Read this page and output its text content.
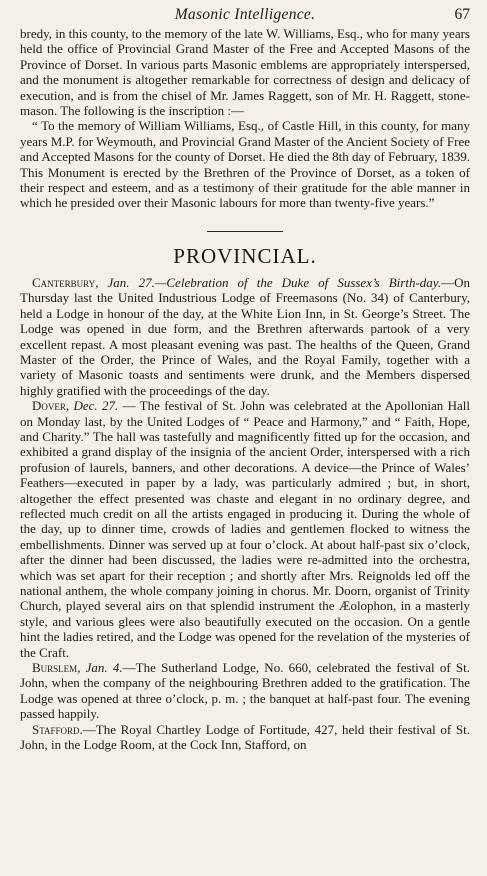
Masonic Intelligence.	67

bredy, in this county, to the memory of the late W. Williams, Esq., who for many years held the office of Provincial Grand Master of the Free and Accepted Masons of the Province of Dorset. In various parts Masonic emblems are appropriately interspersed, and the monument is altogether remarkable for correctness of design and delicacy of execution, and is from the chisel of Mr. James Raggett, son of Mr. H. Raggett, stone-mason. The following is the inscription :—

“ To the memory of William Williams, Esq., of Castle Hill, in this county, for many years M.P. for Weymouth, and Provincial Grand Master of the Ancient Society of Free and Accepted Masons for the county of Dorset. He died the 8th day of February, 1839. This Monument is erected by the Brethren of the Province of Dorset, as a token of their respect and esteem, and as a testimony of their gratitude for the able manner in which he presided over their Masonic labours for more than twenty-five years.”

PROVINCIAL.

Canterbury, Jan. 27.—Celebration of the Duke of Sussex’s Birth-day.—On Thursday last the United Industrious Lodge of Freemasons (No. 34) of Canterbury, held a Lodge in honour of the day, at the White Lion Inn, in St. George’s Street. The Lodge was opened in due form, and the Brethren afterwards partook of a very excellent repast. A most pleasant evening was past. The healths of the Queen, Grand Master of the Order, the Prince of Wales, and the Royal Family, together with a variety of Masonic toasts and sentiments were drunk, and the Members dispersed highly gratified with the proceedings of the day.

Dover, Dec. 27. — The festival of St. John was celebrated at the Apollonian Hall on Monday last, by the United Lodges of “ Peace and Harmony,” and “ Faith, Hope, and Charity.” The hall was tastefully and magnificently fitted up for the occasion, and exhibited a grand display of the insignia of the ancient Order, interspersed with a rich profusion of laurels, banners, and other decorations. A device—the Prince of Wales’ Feathers—executed in paper by a lady, was particularly admired ; but, in short, altogether the effect presented was chaste and elegant in no ordinary degree, and reflected much credit on all the artists engaged in producing it. During the whole of the day, up to dinner time, crowds of ladies and gentlemen flocked to witness the embellishments. Dinner was served up at four o’clock. At about half-past six o’clock, after the dinner had been discussed, the ladies were re-admitted into the orchestra, which was set apart for their reception ; and shortly after Mrs. Reignolds led off the national anthem, the whole company joining in chorus. Mr. Doorn, organist of Trinity Church, played several airs on that splendid instrument the Æolophon, in a masterly style, and various glees were also beautifully executed on the occasion. On a gentle hint the ladies retired, and the Lodge was opened for the revelation of the mysteries of the Craft.

Burslem, Jan. 4.—The Sutherland Lodge, No. 660, celebrated the festival of St. John, when the company of the neighbouring Brethren added to the gratification. The Lodge was opened at three o’clock, p. m. ; the banquet at half-past four. The evening passed happily.

Stafford.—The Royal Chartley Lodge of Fortitude, 427, held their festival of St. John, in the Lodge Room, at the Cock Inn, Stafford, on
